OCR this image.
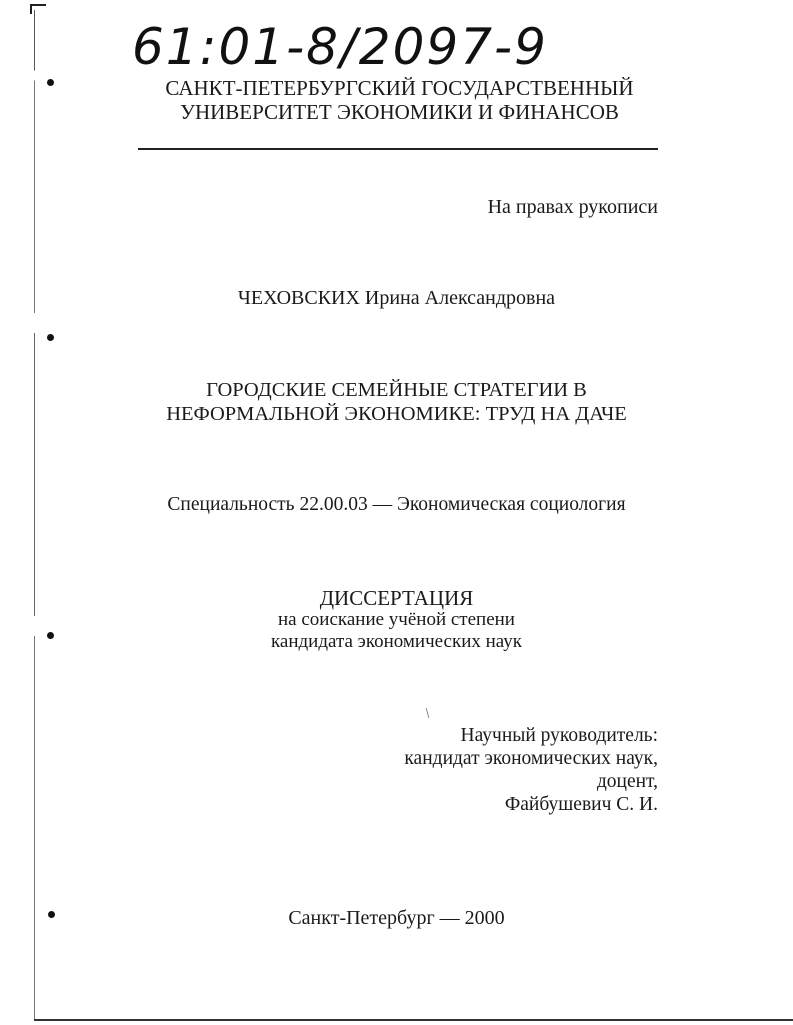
61:01-8/2097-9
САНКТ-ПЕТЕРБУРГСКИЙ ГОСУДАРСТВЕННЫЙ
УНИВЕРСИТЕТ ЭКОНОМИКИ И ФИНАНСОВ
На правах рукописи
ЧЕХОВСКИХ Ирина Александровна
ГОРОДСКИЕ СЕМЕЙНЫЕ СТРАТЕГИИ В
НЕФОРМАЛЬНОЙ ЭКОНОМИКЕ: ТРУД НА ДАЧЕ
Специальность 22.00.03 — Экономическая социология
ДИССЕРТАЦИЯ
на соискание учёной степени
кандидата экономических наук
Научный руководитель:
кандидат экономических наук,
доцент,
Файбушевич С. И.
Санкт-Петербург — 2000
